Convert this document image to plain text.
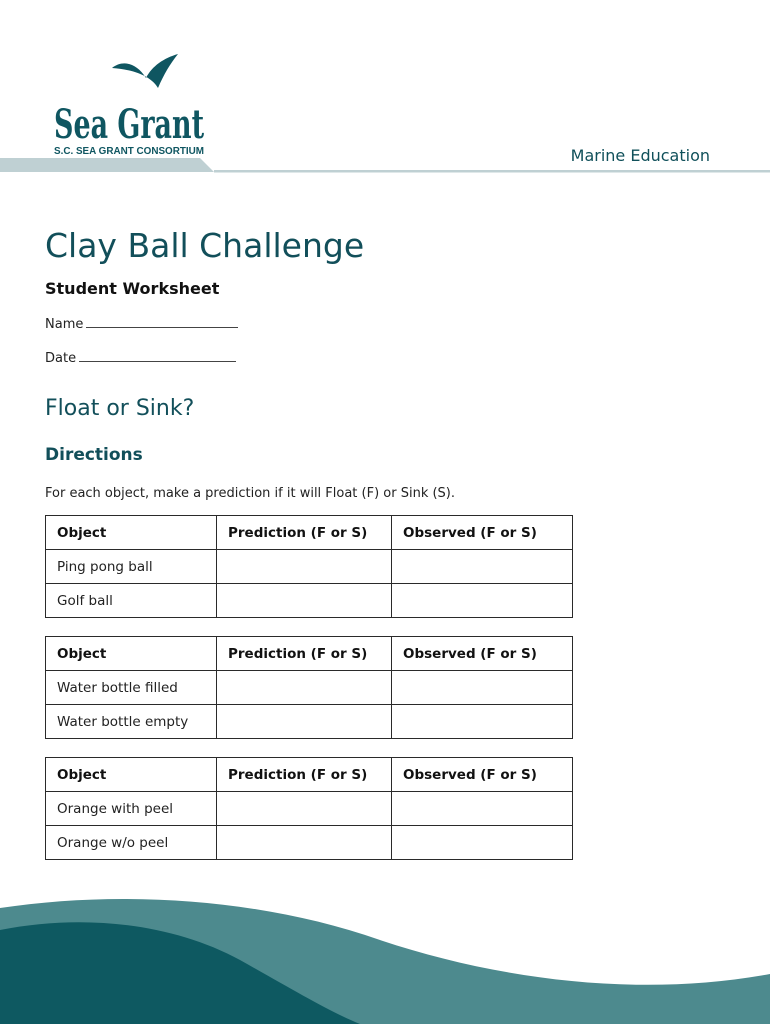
Sea Grant
S.C. SEA GRANT CONSORTIUM	Marine Education
Clay Ball Challenge
Student Worksheet
Name
Date
Float or Sink?
Directions
For each object, make a prediction if it will Float (F) or Sink (S).
Object	Prediction (F or S)	Observed (F or S)
Ping pong ball		
Golf ball		
Object	Prediction (F or S)	Observed (F or S)
Water bottle filled		
Water bottle empty		
Object	Prediction (F or S)	Observed (F or S)
Orange with peel		
Orange w/o peel		
